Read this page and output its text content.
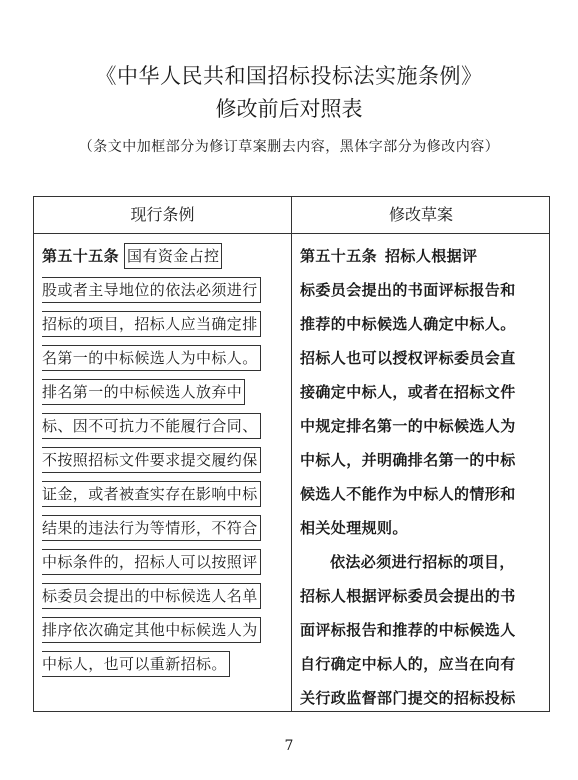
《中华人民共和国招标投标法实施条例》
修改前后对照表
（条文中加框部分为修订草案删去内容，黑体字部分为修改内容）
现行条例	修改草案
第五十五条 国有资金占控
股或者主导地位的依法必须进行
招标的项目，招标人应当确定排
名第一的中标候选人为中标人。
排名第一的中标候选人放弃中
标、因不可抗力不能履行合同、
不按照招标文件要求提交履约保
证金，或者被查实存在影响中标
结果的违法行为等情形，不符合
中标条件的，招标人可以按照评
标委员会提出的中标候选人名单
排序依次确定其他中标候选人为
中标人，也可以重新招标。
第五十五条 招标人根据评
标委员会提出的书面评标报告和
推荐的中标候选人确定中标人。
招标人也可以授权评标委员会直
接确定中标人，或者在招标文件
中规定排名第一的中标候选人为
中标人，并明确排名第一的中标
候选人不能作为中标人的情形和
相关处理规则。
依法必须进行招标的项目，
招标人根据评标委员会提出的书
面评标报告和推荐的中标候选人
自行确定中标人的，应当在向有
关行政监督部门提交的招标投标
7
